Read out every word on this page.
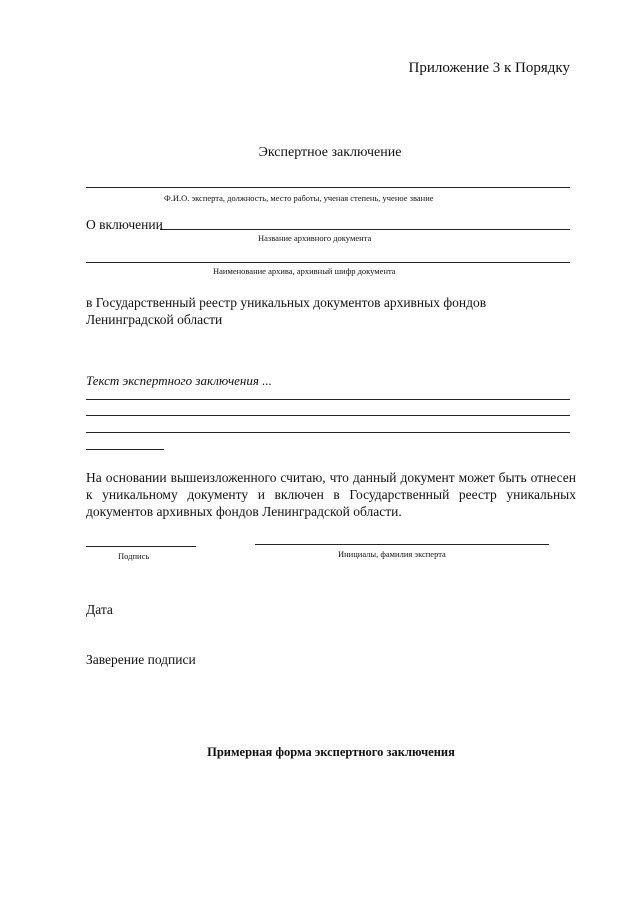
Приложение 3 к Порядку
Экспертное заключение
Ф.И.О. эксперта, должность, место работы, ученая степень, ученое звание
О включении
Название архивного документа
Наименование архива, архивный шифр документа
в Государственный реестр уникальных документов архивных фондов Ленинградской области
Текст экспертного заключения ...
На основании вышеизложенного считаю, что данный документ может быть отнесен к уникальному документу и включен в Государственный реестр уникальных документов архивных фондов Ленинградской области.
Подпись	Инициалы, фамилия эксперта
Дата
Заверение подписи
Примерная форма экспертного заключения
